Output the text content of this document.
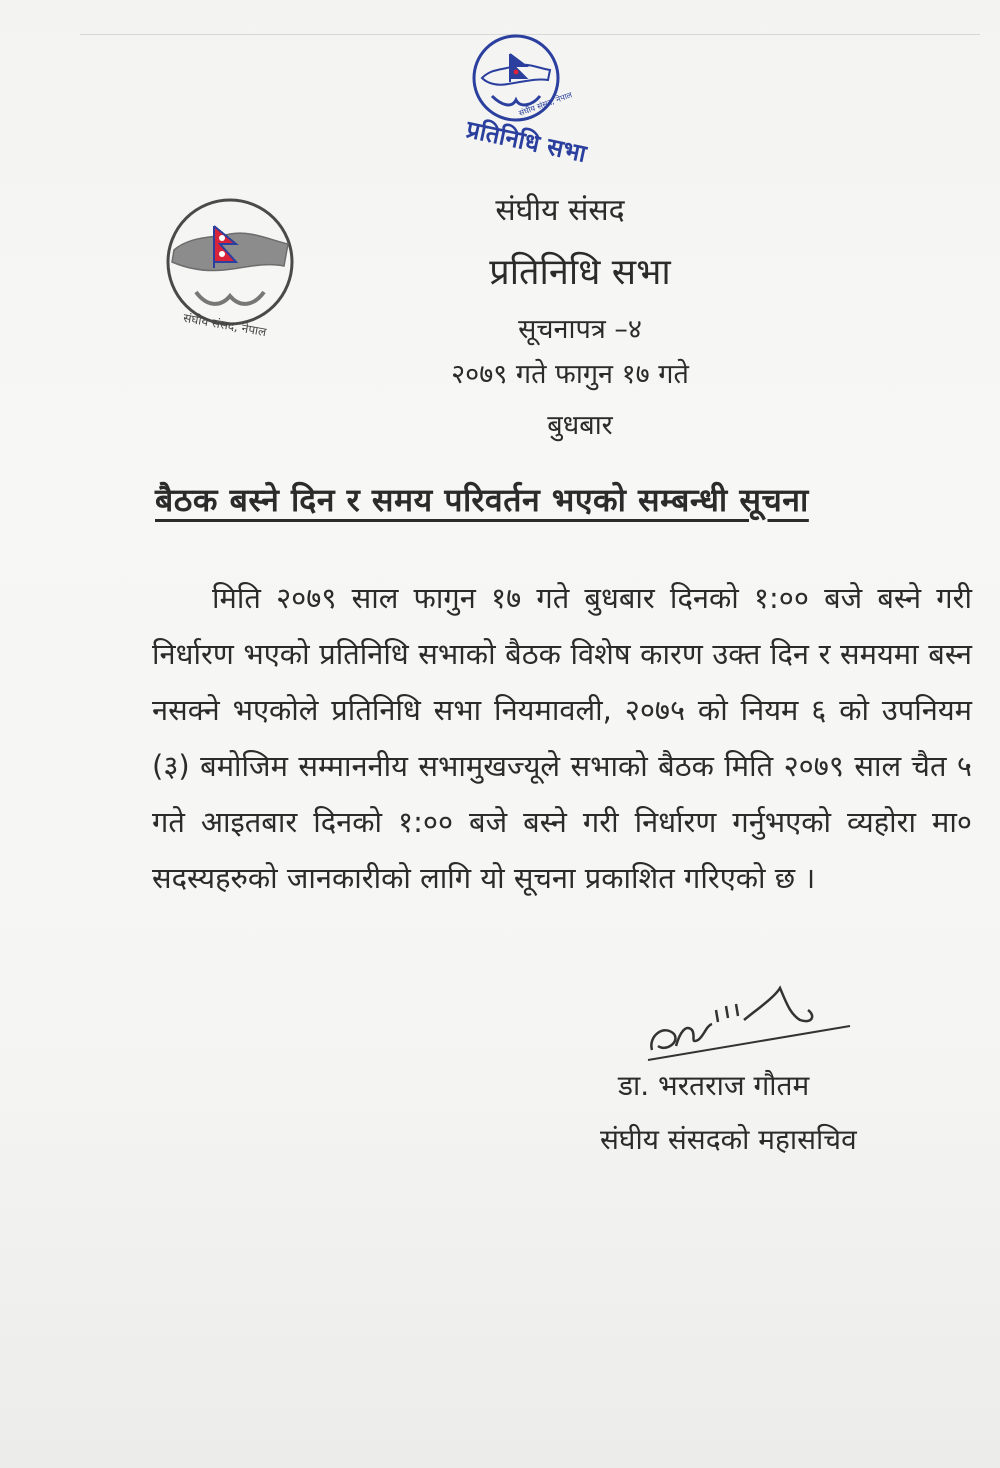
संघीय संसद, नेपाल
प्रतिनिधि सभा
संघीय संसद, नेपाल
संघीय संसद
प्रतिनिधि सभा
सूचनापत्र –४
२०७९ गते फागुन १७ गते
बुधबार
बैठक बस्ने दिन र समय परिवर्तन भएको सम्बन्धी सूचना
मिति २०७९ साल फागुन १७ गते बुधबार दिनको १:०० बजे बस्ने गरी निर्धारण भएको प्रतिनिधि सभाको बैठक विशेष कारण उक्त दिन र समयमा बस्न नसक्ने भएकोले प्रतिनिधि सभा नियमावली, २०७५ को नियम ६ को उपनियम (३) बमोजिम सम्माननीय सभामुखज्यूले सभाको बैठक मिति २०७९ साल चैत ५ गते आइतबार दिनको १:०० बजे बस्ने गरी निर्धारण गर्नुभएको व्यहोरा मा० सदस्यहरुको जानकारीको लागि यो सूचना प्रकाशित गरिएको छ ।
डा. भरतराज गौतम
संघीय संसदको महासचिव
